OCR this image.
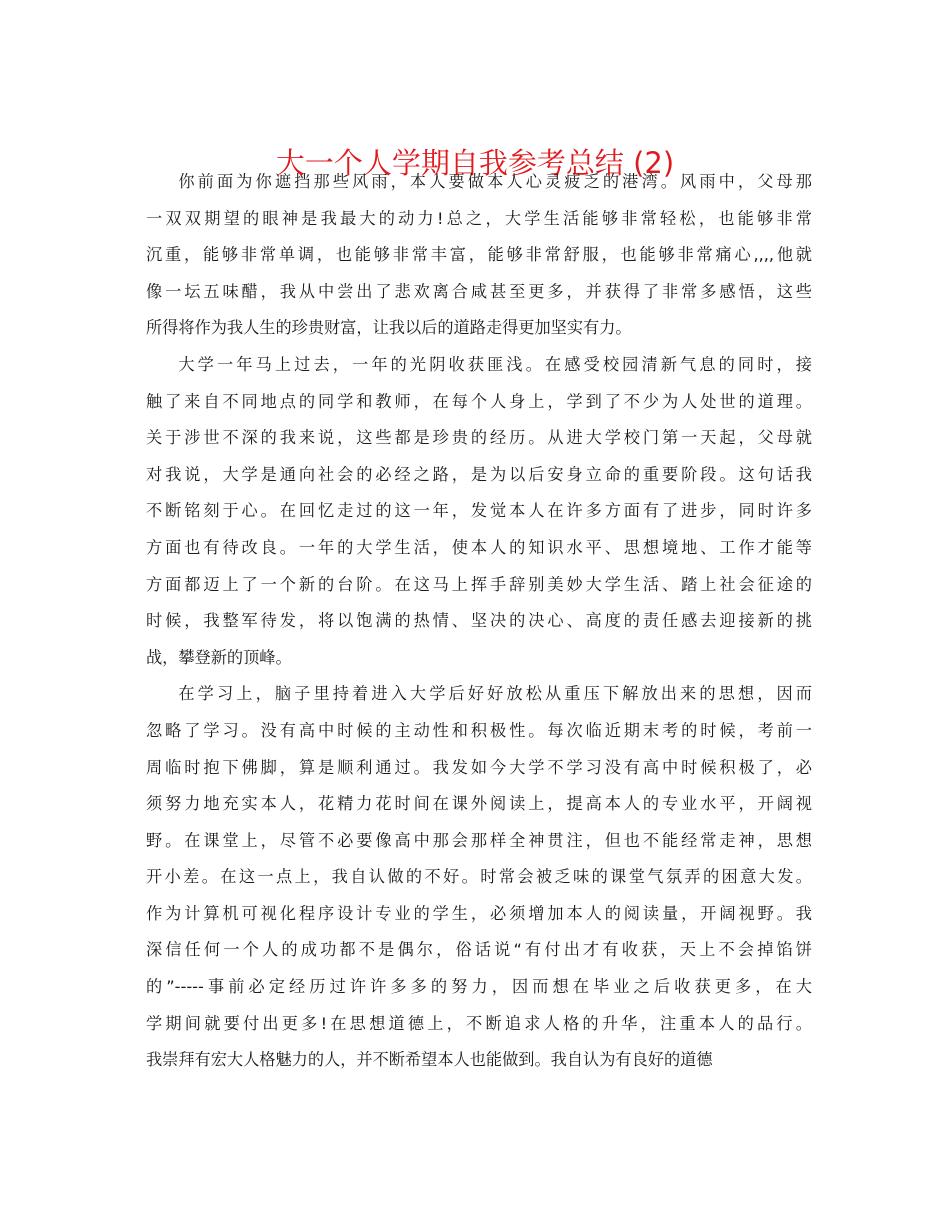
大一个人学期自我参考总结 (2)
你前面为你遮挡那些风雨，本人要做本人心灵疲乏的港湾。风雨中，父母那
一双双期望的眼神是我最大的动力!总之，大学生活能够非常轻松，也能够非常
沉重，能够非常单调，也能够非常丰富，能够非常舒服，也能够非常痛心,,,,他就
像一坛五味醋，我从中尝出了悲欢离合咸甚至更多，并获得了非常多感悟，这些
所得将作为我人生的珍贵财富，让我以后的道路走得更加坚实有力。
大学一年马上过去，一年的光阴收获匪浅。在感受校园清新气息的同时，接
触了来自不同地点的同学和教师，在每个人身上，学到了不少为人处世的道理。
关于涉世不深的我来说，这些都是珍贵的经历。从进大学校门第一天起，父母就
对我说，大学是通向社会的必经之路，是为以后安身立命的重要阶段。这句话我
不断铭刻于心。在回忆走过的这一年，发觉本人在许多方面有了进步，同时许多
方面也有待改良。一年的大学生活，使本人的知识水平、思想境地、工作才能等
方面都迈上了一个新的台阶。在这马上挥手辞别美妙大学生活、踏上社会征途的
时候，我整军待发，将以饱满的热情、坚决的决心、高度的责任感去迎接新的挑
战，攀登新的顶峰。
在学习上，脑子里持着进入大学后好好放松从重压下解放出来的思想，因而
忽略了学习。没有高中时候的主动性和积极性。每次临近期末考的时候，考前一
周临时抱下佛脚，算是顺利通过。我发如今大学不学习没有高中时候积极了，必
须努力地充实本人，花精力花时间在课外阅读上，提高本人的专业水平，开阔视
野。在课堂上，尽管不必要像高中那会那样全神贯注，但也不能经常走神，思想
开小差。在这一点上，我自认做的不好。时常会被乏味的课堂气氛弄的困意大发。
作为计算机可视化程序设计专业的学生，必须增加本人的阅读量，开阔视野。我
深信任何一个人的成功都不是偶尔，俗话说“有付出才有收获，天上不会掉馅饼
的”-----事前必定经历过许许多多的努力，因而想在毕业之后收获更多，在大
学期间就要付出更多!在思想道德上，不断追求人格的升华，注重本人的品行。
我崇拜有宏大人格魅力的人，并不断希望本人也能做到。我自认为有良好的道德
